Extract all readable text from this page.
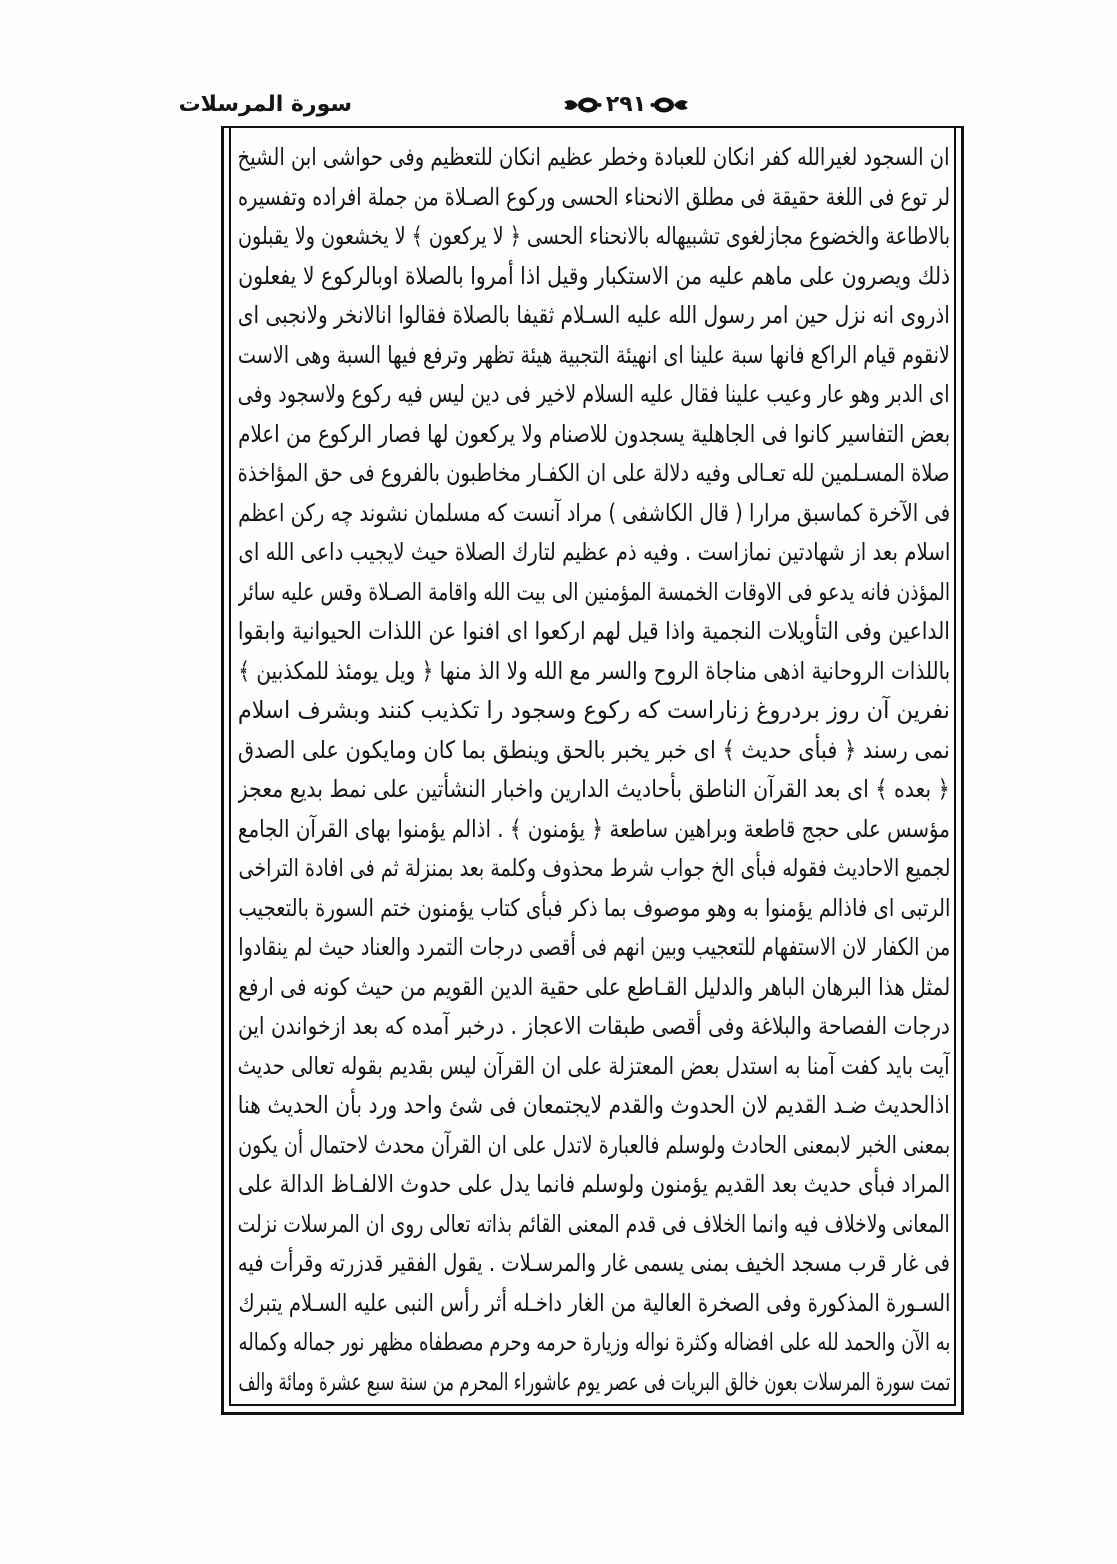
سورة المرسلات	٢٩١
ان السجود لغيرالله كفر انكان للعبادة وخطر عظيم انكان للتعظيم وفى حواشى ابن الشيخ
لر توع فى اللغة حقيقة فى مطلق الانحناء الحسى وركوع الصـلاة من جملة افراده وتفسيره
بالاطاعة والخضوع مجازلغوى تشبيهاله بالانحناء الحسى ﴿ لا يركعون ﴾ لا يخشعون ولا يقبلون
ذلك ويصرون على ماهم عليه من الاستكبار وقيل اذا أمروا بالصلاة اوبالركوع لا يفعلون
اذروى انه نزل حين امر رسول الله عليه السـلام ثقيفا بالصلاة فقالوا انالانخر ولانجبى اى
لانقوم قيام الراكع فانها سبة علينا اى انهيئة التجبية هيئة تظهر وترفع فيها السبة وهى الاست
اى الدبر وهو عار وعيب علينا فقال عليه السلام لاخير فى دين ليس فيه ركوع ولاسجود وفى
بعض التفاسير كانوا فى الجاهلية يسجدون للاصنام ولا يركعون لها فصار الركوع من اعلام
صلاة المسـلمين لله تعـالى وفيه دلالة على ان الكفـار مخاطبون بالفروع فى حق المؤاخذة
فى الآخرة كماسبق مرارا ( قال الكاشفى ) مراد آنست كه مسلمان نشوند چه ركن اعظم
اسلام بعد از شهادتين نمازاست . وفيه ذم عظيم لتارك الصلاة حيث لايجيب داعى الله اى
المؤذن فانه يدعو فى الاوقات الخمسة المؤمنين الى بيت الله واقامة الصـلاة وقس عليه سائر
الداعين وفى التأويلات النجمية واذا قيل لهم اركعوا اى افنوا عن اللذات الحيوانية وابقوا
باللذات الروحانية اذهى مناجاة الروح والسر مع الله ولا الذ منها ﴿ ويل يومئذ للمكذبين ﴾
نفرين آن روز بردروغ زناراست كه ركوع وسجود را تكذيب كنند وبشرف اسلام
نمى رسند ﴿ فبأى حديث ﴾ اى خبر يخبر بالحق وينطق بما كان ومايكون على الصدق
﴿ بعده ﴾ اى بعد القرآن الناطق بأحاديث الدارين واخبار النشأتين على نمط بديع معجز
مؤسس على حجج قاطعة وبراهين ساطعة ﴿ يؤمنون ﴾ . اذالم يؤمنوا بهاى القرآن الجامع
لجميع الاحاديث فقوله فبأى الخ جواب شرط محذوف وكلمة بعد بمنزلة ثم فى افادة التراخى
الرتبى اى فاذالم يؤمنوا به وهو موصوف بما ذكر فبأى كتاب يؤمنون ختم السورة بالتعجيب
من الكفار لان الاستفهام للتعجيب وبين انهم فى أقصى درجات التمرد والعناد حيث لم ينقادوا
لمثل هذا البرهان الباهر والدليل القـاطع على حقية الدين القويم من حيث كونه فى ارفع
درجات الفصاحة والبلاغة وفى أقصى طبقات الاعجاز . درخبر آمده كه بعد ازخواندن اين
آيت بايد كفت آمنا به استدل بعض المعتزلة على ان القرآن ليس بقديم بقوله تعالى حديث
اذالحديث ضـد القديم لان الحدوث والقدم لايجتمعان فى شئ واحد ورد بأن الحديث هنا
بمعنى الخبر لابمعنى الحادث ولوسلم فالعبارة لاتدل على ان القرآن محدث لاحتمال أن يكون
المراد فبأى حديث بعد القديم يؤمنون ولوسلم فانما يدل على حدوث الالفـاظ الدالة على
المعانى ولاخلاف فيه وانما الخلاف فى قدم المعنى القائم بذاته تعالى روى ان المرسلات نزلت
فى غار قرب مسجد الخيف بمنى يسمى غار والمرسـلات . يقول الفقير قدزرته وقرأت فيه
السـورة المذكورة وفى الصخرة العالية من الغار داخـله أثر رأس النبى عليه السـلام يتبرك
به الآن والحمد لله على افضاله وكثرة نواله وزيارة حرمه وحرم مصطفاه مظهر نور جماله وكماله
تمت سورة المرسلات بعون خالق البريات فى عصر يوم عاشوراء المحرم من سنة سبع عشرة ومائة والف
